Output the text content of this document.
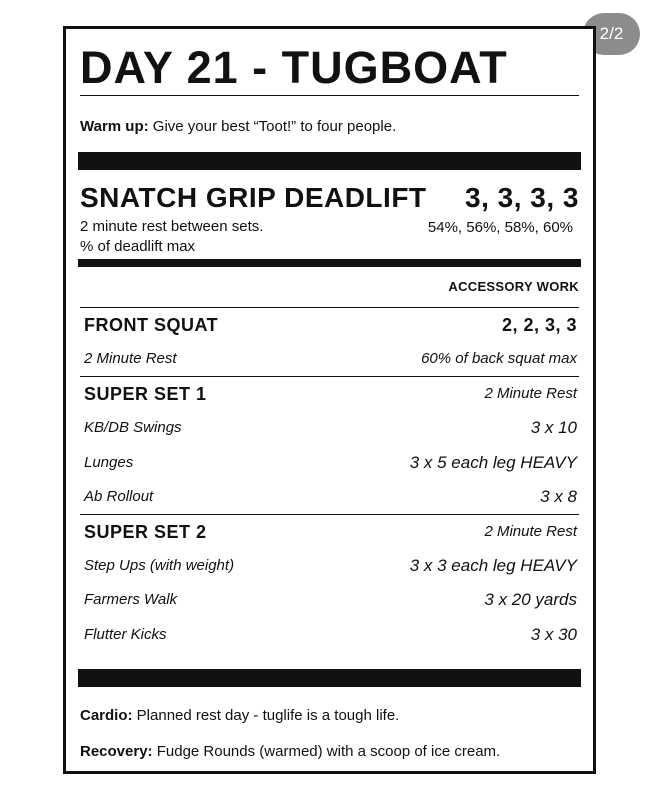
2/2
DAY 21 - TUGBOAT
Warm up: Give your best “Toot!” to four people.
SNATCH GRIP DEADLIFT 3, 3, 3, 3
2 minute rest between sets.
% of deadlift max
54%, 56%, 58%, 60%
ACCESSORY WORK
FRONT SQUAT	2, 2, 3, 3
2 Minute Rest	60% of back squat max
SUPER SET 1	2 Minute Rest
KB/DB Swings	3 x 10
Lunges	3 x 5 each leg HEAVY
Ab Rollout	3 x 8
SUPER SET 2	2 Minute Rest
Step Ups (with weight)	3 x 3 each leg HEAVY
Farmers Walk	3 x 20 yards
Flutter Kicks	3 x 30
Cardio: Planned rest day - tuglife is a tough life.
Recovery: Fudge Rounds (warmed) with a scoop of ice cream.
